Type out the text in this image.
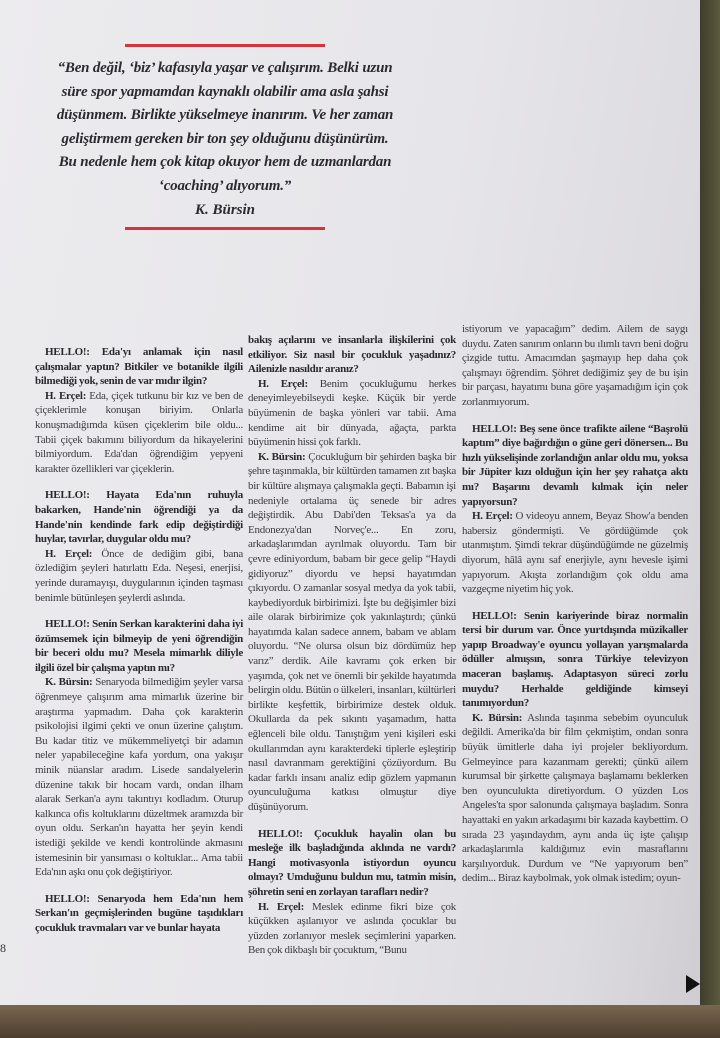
“Ben değil, ‘biz’ kafasıyla yaşar ve çalışırım. Belki uzun süre spor yapmamdan kaynaklı olabilir ama asla şahsi düşünmem. Birlikte yükselmeye inanırım. Ve her zaman geliştirmem gereken bir ton şey olduğunu düşünürüm. Bu nedenle hem çok kitap okuyor hem de uzmanlardan ‘coaching’ alıyorum.”
K. Bürsin

HELLO!: Eda'yı anlamak için nasıl çalışmalar yaptın? Bitkiler ve botanikle ilgili bilmediği yok, senin de var mıdır ilgin?

H. Erçel: Eda, çiçek tutkunu bir kız ve ben de çiçeklerimle konuşan biriyim. Onlarla konuşmadığımda küsen çiçeklerim bile oldu... Tabii çiçek bakımını biliyordum da hikayelerini bilmiyordum. Eda'dan öğrendiğim yepyeni karakter özellikleri var çiçeklerin.

HELLO!: Hayata Eda'nın ruhuyla bakarken, Hande'nin öğrendiği ya da Hande'nin kendinde fark edip değiştirdiği huylar, tavırlar, duygular oldu mu?

H. Erçel: Önce de dediğim gibi, bana özlediğim şeyleri hatırlattı Eda. Neşesi, enerjisi, yerinde duramayışı, duygularının içinden taşması benimle bütünleşen şeylerdi aslında.

HELLO!: Senin Serkan karakterini daha iyi özümsemek için bilmeyip de yeni öğrendiğin bir beceri oldu mu? Mesela mimarlık diliyle ilgili özel bir çalışma yaptın mı?

K. Bürsin: Senaryoda bilmediğim şeyler varsa öğrenmeye çalışırım ama mimarlık üzerine bir araştırma yapmadım. Daha çok karakterin psikolojisi ilgimi çekti ve onun üzerine çalıştım. Bu kadar titiz ve mükemmeliyetçi bir adamın neler yapabileceğine kafa yordum, ona yakışır minik nüanslar aradım. Lisede sandalyelerin düzenine takık bir hocam vardı, ondan ilham alarak Serkan'a aynı takıntıyı kodladım. Oturup kalkınca ofis koltuklarını düzeltmek aramızda bir oyun oldu. Serkan'ın hayatta her şeyin kendi istediği şekilde ve kendi kontrolünde akmasını istemesinin bir yansıması o koltuklar... Ama tabii Eda'nın aşkı onu çok değiştiriyor.

HELLO!: Senaryoda hem Eda'nın hem Serkan'ın geçmişlerinden bugüne taşıdıkları çocukluk travmaları var ve bunlar hayata

bakış açılarını ve insanlarla ilişkilerini çok etkiliyor. Siz nasıl bir çocukluk yaşadınız? Ailenizle nasıldır aranız?

H. Erçel: Benim çocukluğumu herkes deneyimleyebilseydi keşke. Küçük bir yerde büyümenin de başka yönleri var tabii. Ama kendime ait bir dünyada, ağaçta, parkta büyümenin hissi çok farklı.

K. Bürsin: Çocukluğum bir şehirden başka bir şehre taşınmakla, bir kültürden tamamen zıt başka bir kültüre alışmaya çalışmakla geçti. Babamın işi nedeniyle ortalama üç senede bir adres değiştirdik. Abu Dabi'den Teksas'a ya da Endonezya'dan Norveç'e... En zoru, arkadaşlarımdan ayrılmak oluyordu. Tam bir çevre ediniyordum, babam bir gece gelip “Haydi gidiyoruz” diyordu ve hepsi hayatımdan çıkıyordu. O zamanlar sosyal medya da yok tabii, kaybediyorduk birbirimizi. İşte bu değişimler bizi aile olarak birbirimize çok yakınlaştırdı; çünkü hayatımda kalan sadece annem, babam ve ablam oluyordu. “Ne olursa olsun biz dördümüz hep varız” derdik. Aile kavramı çok erken bir yaşımda, çok net ve önemli bir şekilde hayatımda belirgin oldu. Bütün o ülkeleri, insanları, kültürleri birlikte keşfettik, birbirimize destek olduk. Okullarda da pek sıkıntı yaşamadım, hatta eğlenceli bile oldu. Tanıştığım yeni kişileri eski okullarımdan aynı karakterdeki tiplerle eşleştirip nasıl davranmam gerektiğini çözüyordum. Bu kadar farklı insanı analiz edip gözlem yapmanın oyunculuğuma katkısı olmuştur diye düşünüyorum.

HELLO!: Çocukluk hayalin olan bu mesleğe ilk başladığında aklında ne vardı? Hangi motivasyonla istiyordun oyuncu olmayı? Umduğunu buldun mu, tatmin misin, şöhretin seni en zorlayan tarafları nedir?

H. Erçel: Meslek edinme fikri bize çok küçükken aşılanıyor ve aslında çocuklar bu yüzden zorlanıyor meslek seçimlerini yaparken. Ben çok dikbaşlı bir çocuktum, “Bunu

istiyorum ve yapacağım” dedim. Ailem de saygı duydu. Zaten sanırım onların bu ılımlı tavrı beni doğru çizgide tuttu. Amacımdan şaşmayıp hep daha çok çalışmayı öğrendim. Şöhret dediğimiz şey de bu işin bir parçası, hayatımı buna göre yaşamadığım için çok zorlanmıyorum.

HELLO!: Beş sene önce trafikte ailene “Başrolü kaptım” diye bağırdığın o güne geri dönersen... Bu hızlı yükselişinde zorlandığın anlar oldu mu, yoksa bir Jüpiter kızı olduğun için her şey rahatça aktı mı? Başarını devamlı kılmak için neler yapıyorsun?

H. Erçel: O videoyu annem, Beyaz Show'a benden habersiz göndermişti. Ve gördüğümde çok utanmıştım. Şimdi tekrar düşündüğümde ne güzelmiş diyorum, hâlâ aynı saf enerjiyle, aynı hevesle işimi yapıyorum. Akışta zorlandığım çok oldu ama vazgeçme niyetim hiç yok.

HELLO!: Senin kariyerinde biraz normalin tersi bir durum var. Önce yurtdışında müzikaller yapıp Broadway'e oyuncu yollayan yarışmalarda ödüller almışsın, sonra Türkiye televizyon maceran başlamış. Adaptasyon süreci zorlu muydu? Herhalde geldiğinde kimseyi tanımıyordun?

K. Bürsin: Aslında taşınma sebebim oyunculuk değildi. Amerika'da bir film çekmiştim, ondan sonra büyük ümitlerle daha iyi projeler bekliyordum. Gelmeyince para kazanmam gerekti; çünkü ailem kurumsal bir şirkette çalışmaya başlamamı beklerken ben oyunculukta diretiyordum. O yüzden Los Angeles'ta spor salonunda çalışmaya başladım. Sonra hayattaki en yakın arkadaşımı bir kazada kaybettim. O sırada 23 yaşındaydım, aynı anda üç işte çalışıp arkadaşlarımla kaldığımız evin masraflarını karşılıyorduk. Durdum ve “Ne yapıyorum ben” dedim... Biraz kaybolmak, yok olmak istedim; oyun-

8
